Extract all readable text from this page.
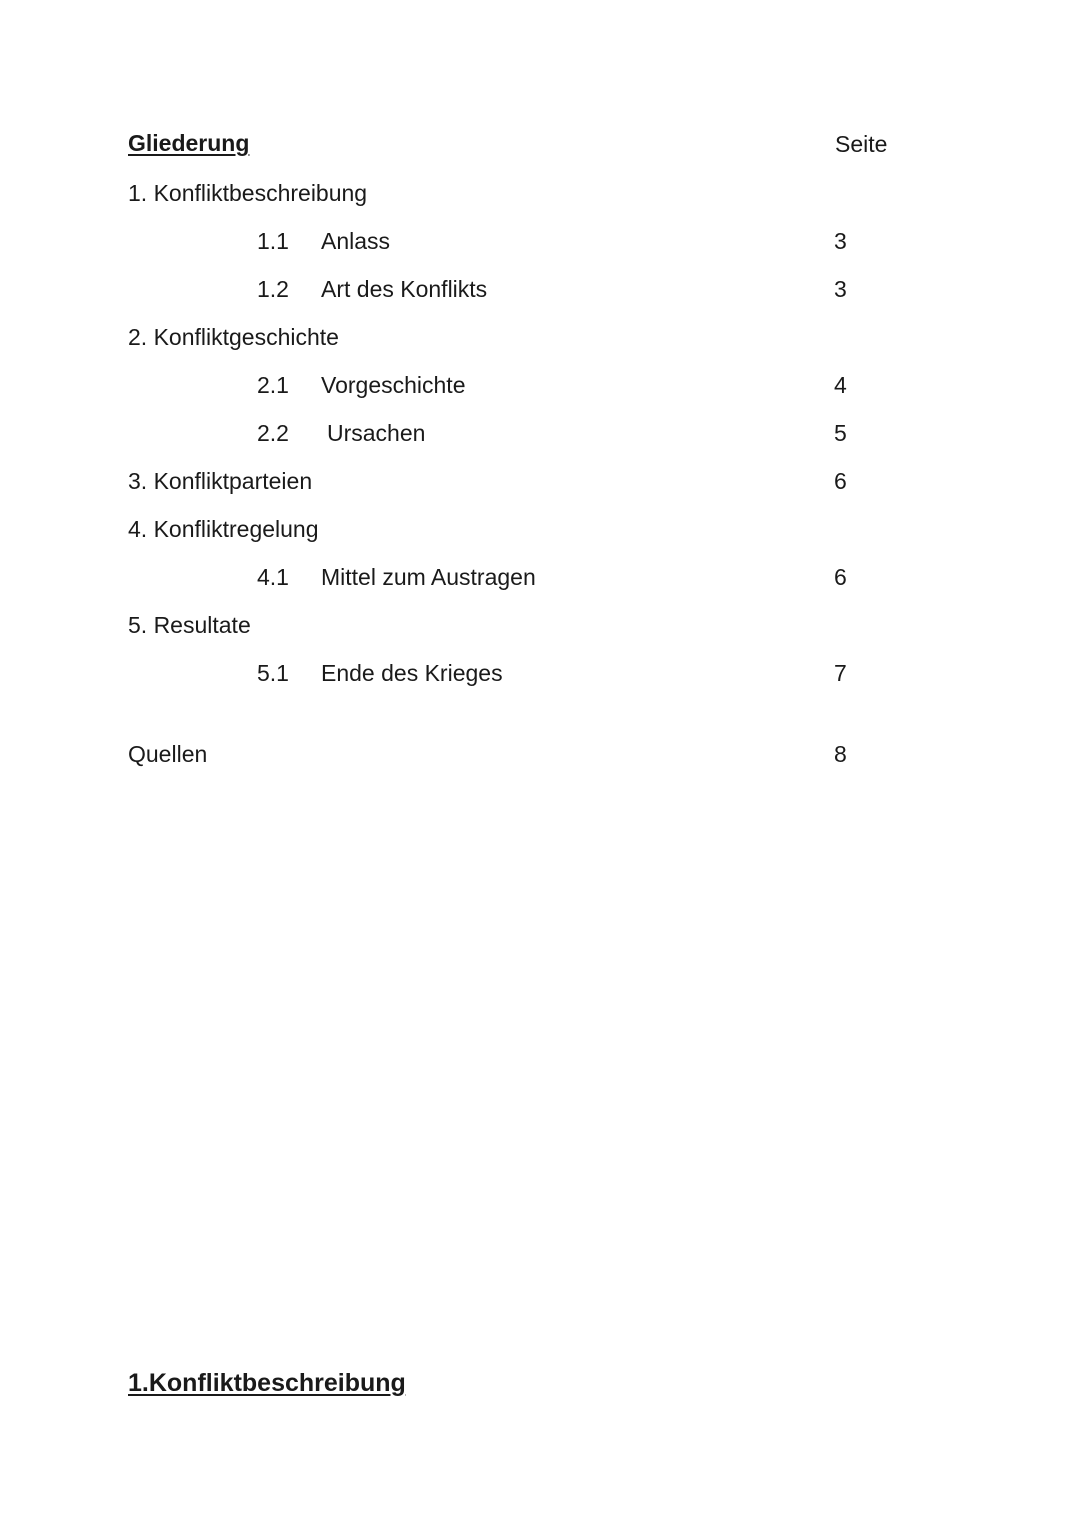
Gliederung	Seite
1. Konfliktbeschreibung
1.1 Anlass	3
1.2 Art des Konflikts	3
2. Konfliktgeschichte
2.1 Vorgeschichte	4
2.2 Ursachen	5
3. Konfliktparteien	6
4. Konfliktregelung
4.1 Mittel zum Austragen	6
5. Resultate
5.1 Ende des Krieges	7
Quellen	8
1.Konfliktbeschreibung
